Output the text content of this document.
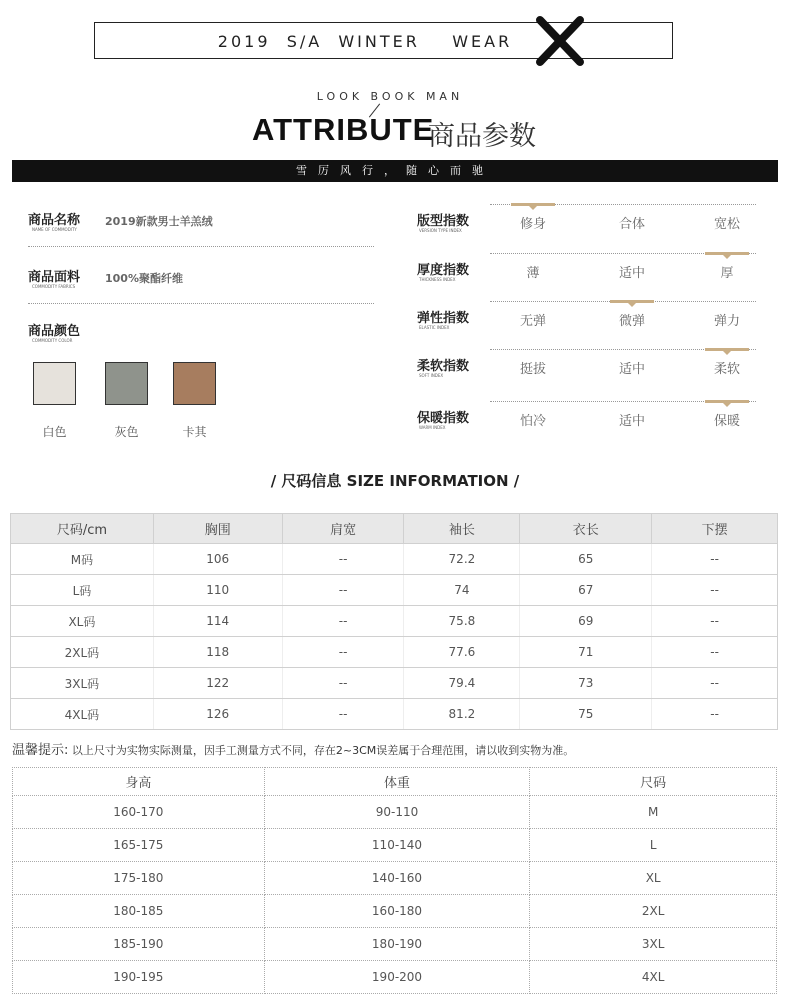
2019  S/A  WINTER    WEAR
LOOK BOOK MAN
ATTRIBUTE
商品参数
雪厉风行，随心而驰
商品名称
NAME OF COMMODITY
2019新款男士羊羔绒
商品面料
COMMODITY FABRICS
100%聚酯纤维
商品颜色
COMMODITY COLOR
白色	灰色	卡其
版型指数
VERSION TYPE INDEX	修身	合体	宽松
厚度指数
THICKNESS INDEX	薄	适中	厚
弹性指数
ELASTIC INDEX	无弹	微弹	弹力
柔软指数
SOFT INDEX	挺拔	适中	柔软
保暖指数
WARM INDEX	怕冷	适中	保暖
/ 尺码信息 SIZE INFORMATION /
尺码/cm	胸围	肩宽	袖长	衣长	下摆
M码	106	--	72.2	65	--
L码	110	--	74	67	--
XL码	114	--	75.8	69	--
2XL码	118	--	77.6	71	--
3XL码	122	--	79.4	73	--
4XL码	126	--	81.2	75	--
温馨提示: 以上尺寸为实物实际测量，因手工测量方式不同，存在2~3CM误差属于合理范围，请以收到实物为准。
身高	体重	尺码
160-170	90-110	M
165-175	110-140	L
175-180	140-160	XL
180-185	160-180	2XL
185-190	180-190	3XL
190-195	190-200	4XL
